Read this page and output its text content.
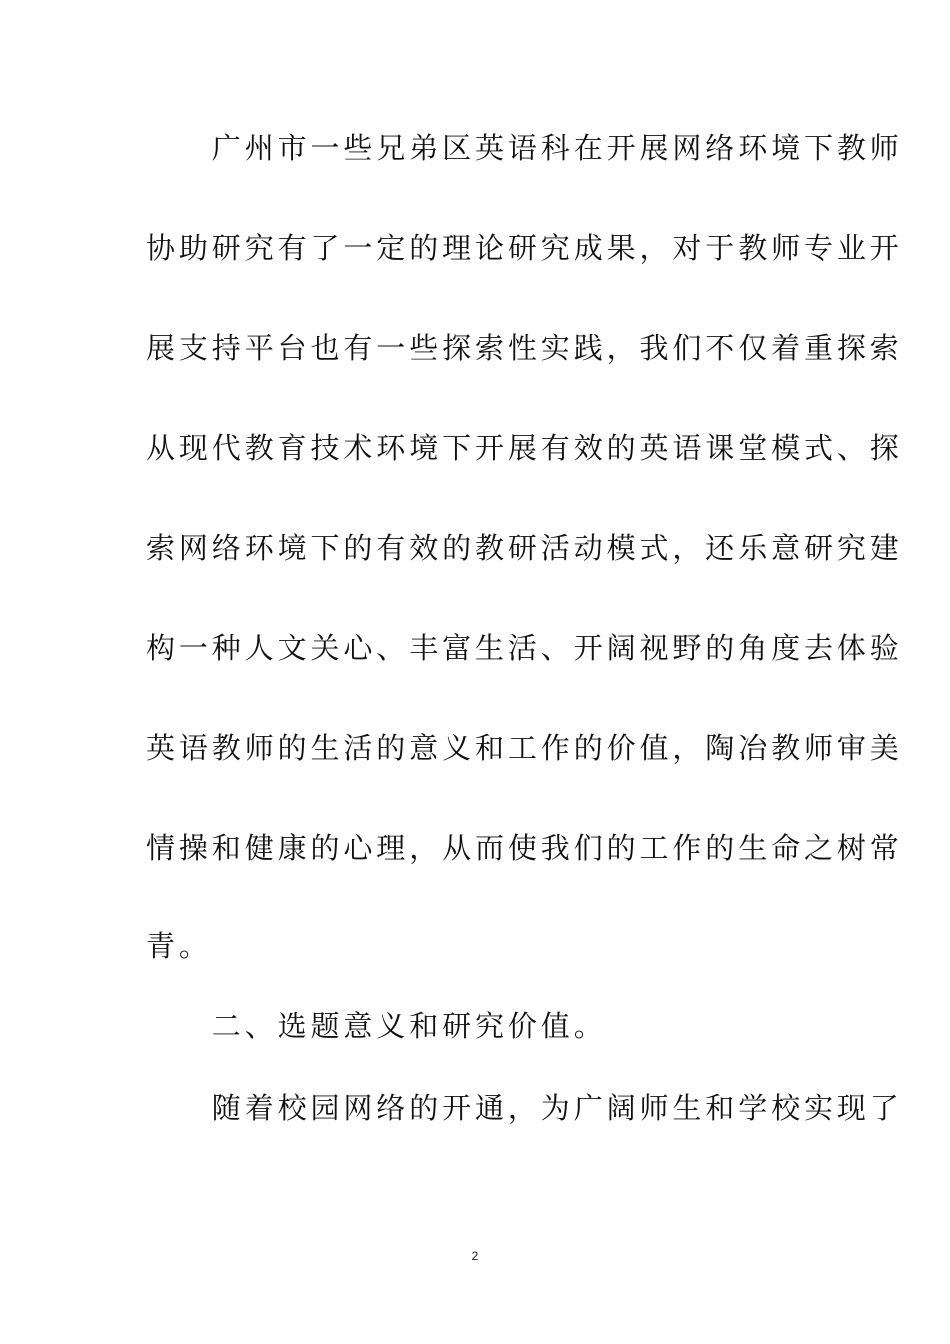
　　广州市一些兄弟区英语科在开展网络环境下教师
协助研究有了一定的理论研究成果，对于教师专业开
展支持平台也有一些探索性实践，我们不仅着重探索
从现代教育技术环境下开展有效的英语课堂模式、探
索网络环境下的有效的教研活动模式，还乐意研究建
构一种人文关心、丰富生活、开阔视野的角度去体验
英语教师的生活的意义和工作的价值，陶冶教师审美
情操和健康的心理，从而使我们的工作的生命之树常
青。
　　二、选题意义和研究价值。
　　随着校园网络的开通，为广阔师生和学校实现了
2
